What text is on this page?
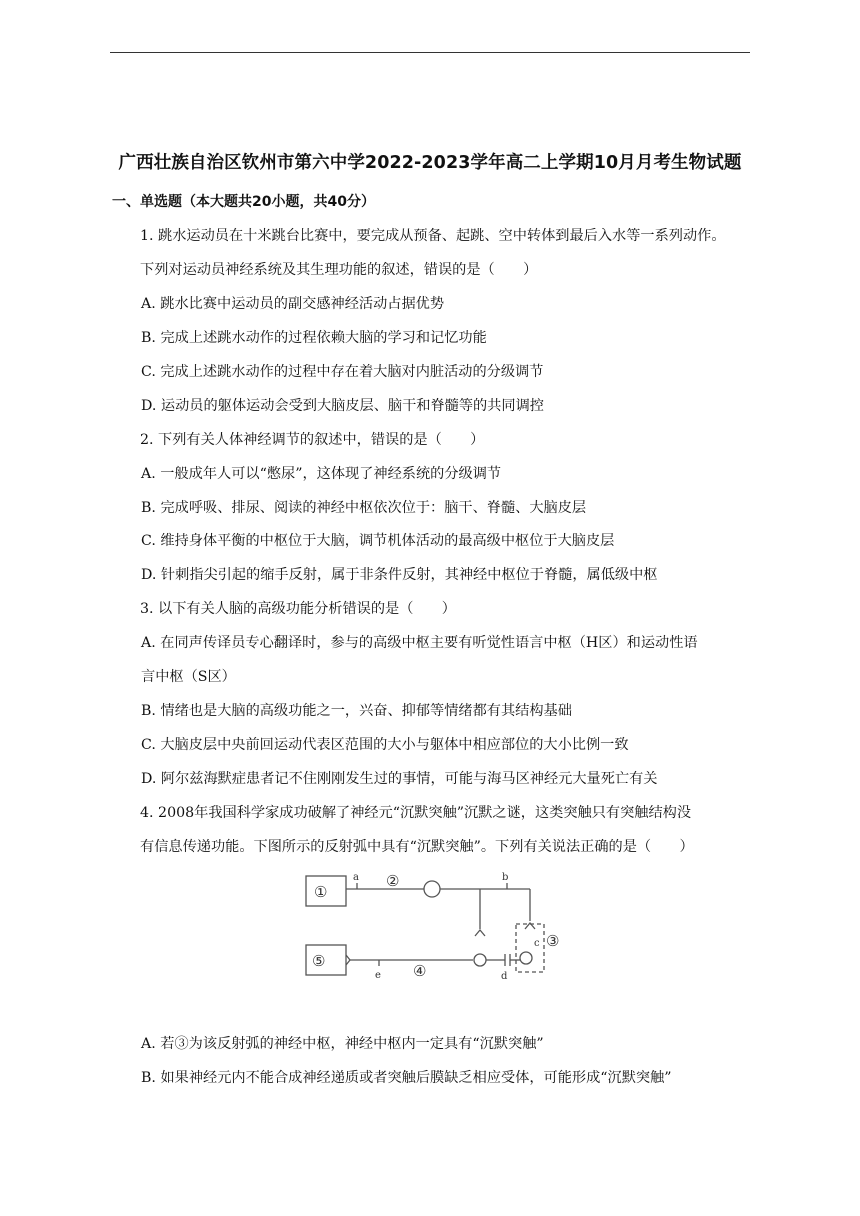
广西壮族自治区钦州市第六中学2022-2023学年高二上学期10月月考生物试题
一、单选题（本大题共20小题，共40分）
1. 跳水运动员在十米跳台比赛中，要完成从预备、起跳、空中转体到最后入水等一系列动作。
下列对运动员神经系统及其生理功能的叙述，错误的是（　　）
A. 跳水比赛中运动员的副交感神经活动占据优势
B. 完成上述跳水动作的过程依赖大脑的学习和记忆功能
C. 完成上述跳水动作的过程中存在着大脑对内脏活动的分级调节
D. 运动员的躯体运动会受到大脑皮层、脑干和脊髓等的共同调控
2. 下列有关人体神经调节的叙述中，错误的是（　　）
A. 一般成年人可以“憋尿”，这体现了神经系统的分级调节
B. 完成呼吸、排尿、阅读的神经中枢依次位于：脑干、脊髓、大脑皮层
C. 维持身体平衡的中枢位于大脑，调节机体活动的最高级中枢位于大脑皮层
D. 针刺指尖引起的缩手反射，属于非条件反射，其神经中枢位于脊髓，属低级中枢
3. 以下有关人脑的高级功能分析错误的是（　　）
A. 在同声传译员专心翻译时，参与的高级中枢主要有听觉性语言中枢（H区）和运动性语
言中枢（S区）
B. 情绪也是大脑的高级功能之一，兴奋、抑郁等情绪都有其结构基础
C. 大脑皮层中央前回运动代表区范围的大小与躯体中相应部位的大小比例一致
D. 阿尔兹海默症患者记不住刚刚发生过的事情，可能与海马区神经元大量死亡有关
4. 2008年我国科学家成功破解了神经元“沉默突触”沉默之谜，这类突触只有突触结构没
有信息传递功能。下图所示的反射弧中具有“沉默突触”。下列有关说法正确的是（　　）
①
a ②	b
c ③
⑤
e ④	d
A. 若③为该反射弧的神经中枢，神经中枢内一定具有“沉默突触”
B. 如果神经元内不能合成神经递质或者突触后膜缺乏相应受体，可能形成“沉默突触”
